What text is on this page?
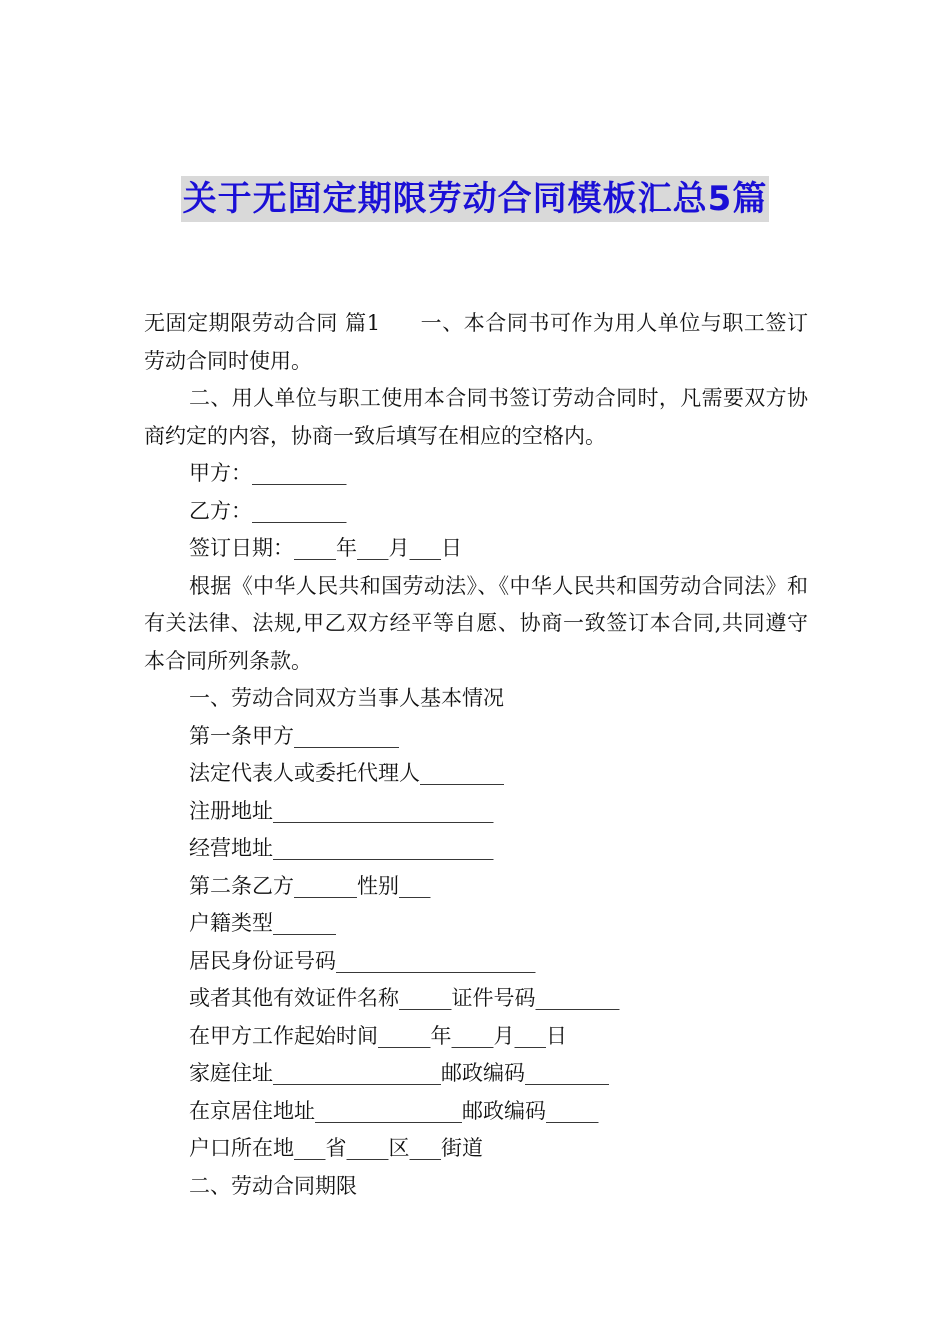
关于无固定期限劳动合同模板汇总5篇

无固定期限劳动合同 篇1 一、本合同书可作为用人单位与职工签订劳动合同时使用。

二、用人单位与职工使用本合同书签订劳动合同时，凡需要双方协商约定的内容，协商一致后填写在相应的空格内。

甲方：_________

乙方：_________

签订日期：____年___月___日

根据《中华人民共和国劳动法》、《中华人民共和国劳动合同法》和有关法律、法规,甲乙双方经平等自愿、协商一致签订本合同,共同遵守本合同所列条款。

一、劳动合同双方当事人基本情况

第一条甲方__________

法定代表人或委托代理人________

注册地址_____________________

经营地址_____________________

第二条乙方______性别___

户籍类型______

居民身份证号码___________________

或者其他有效证件名称_____证件号码________

在甲方工作起始时间_____年____月___日

家庭住址________________邮政编码________

在京居住地址______________邮政编码_____

户口所在地___省____区___街道

二、劳动合同期限
